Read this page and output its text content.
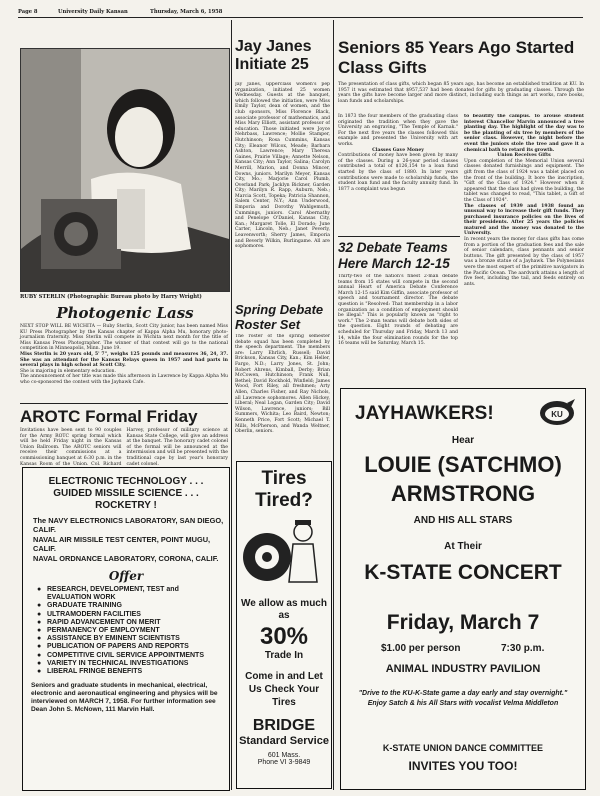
Page 8	University Daily Kansan	Thursday, March 6, 1958
RUBY STERLIN (Photographic Bureau photo by Harry Wright)
Photogenic Lass
NEXT STOP WILL BE WICHITA — Ruby Sterlin, Scott City junior, has been named Miss KU Press Photographer by the Kansas chapter of Kappa Alpha Mu, honorary photo-journalism fraternity. Miss Sterlin will compete in Wichita next month for the title of Miss Kansas Press Photographer. The winner of that contest will go to the national competition in Minneapolis, Minn. June 19.
Miss Sterlin is 20 years old, 5' 7", weighs 125 pounds and measures 36, 24, 37. She was an attendant for the Kansas Relays queen in 1957 and had parts in several plays in high school at Scott City.
She is majoring in elementary education.
The announcement of her title was made this afternoon in Lawrence by Kappa Alpha Mu who co-sponsored the contest with the Jayhawk Cafe.
AROTC Formal Friday
Invitations have been sent to 90 couples for the Army ROTC spring formal which will be held Friday night in the Kansas Union Ballroom. The AROTC seniors will receive their commissions at a commissioning banquet at 6:30 p.m. in the Kansas Room of the Union. Col. Richard Harvey, professor of military science at Kansas State College, will give an address at the banquet. The honorary cadet colonel of the formal will be announced at the intermission and will be presented with the traditional cape by last year's honorary cadet colonel.
ELECTRONIC TECHNOLOGY . . .
GUIDED MISSILE SCIENCE . . .
ROCKETRY !
The NAVY ELECTRONICS LABORATORY, SAN DIEGO, CALIF.
NAVAL AIR MISSILE TEST CENTER, POINT MUGU, CALIF.
NAVAL ORDNANCE LABORATORY, CORONA, CALIF.
Offer
● RESEARCH, DEVELOPMENT, TEST and EVALUATION WORK
● GRADUATE TRAINING
● ULTRAMODERN FACILITIES
● RAPID ADVANCEMENT ON MERIT
● PERMANENCY OF EMPLOYMENT
● ASSISTANCE BY EMINENT SCIENTISTS
● PUBLICATION OF PAPERS AND REPORTS
● COMPETITIVE CIVIL SERVICE APPOINTMENTS
● VARIETY IN TECHNICAL INVESTIGATIONS
● LIBERAL FRINGE BENEFITS
Seniors and graduate students in mechanical, electrical, electronic and aeronautical engineering and physics will be interviewed on MARCH 7, 1958. For further information see Dean John S. McNown, 111 Marvin Hall.
Jay Janes Initiate 25
Jay Janes, upperclass women's pep organization, initiated 25 women Wednesday. Guests at the banquet, which followed the initiation, were Miss Emily Taylor, dean of women, and the club sponsors, Miss Florence Black, associate professor of mathematics, and Miss Mary Elliott, assistant professor of education. Those initiated were Joyce Nehrbass, Lawrence; Mollie Stamper, Hutchinson; Rosa Cummins, Kansas City; Eleanor Wilcox, Meade; Barbara Ashton, Lawrence; Mary Theresa Gaines, Prairie Village; Annette Nelson, Kansas City; Ann Taylor, Salina; Carolyn Merrill, Marion, and Donna Mincer, Downs, juniors. Marilyn Meyer, Kansas City, Mo.; Marjorie Carol Plumb, Overland Park; Jacklyn Bickner, Garden City; Marilyn R. Rapp, Auburn, Neb.; Marcia Scott, Topeka; Patricia Shannon, Salem Center, N.Y.; Ann Underwood, Emporia and Dorothy Wahlgemuth, Cummings, juniors. Carol Abernathy and Penelope O'Daniel, Kansas City, Kan.; Margaret Tolle, El Dorado; June Carter, Lincoln, Neb.; Janet Peverly, Leavenworth; Sherry James, Emporia and Beverly Wilkin, Burlingame. All are sophomores.
Spring Debate Roster Set
The roster of the spring semester debate squad has been completed by the speech department. The members are: Larry Ehrlich, Russell; David Brickson, Kansas City, Kan.; Kim Heller, Fargo, N.D.; Larry Jones, St. John; Robert Ahrens, Kimball, Derby; Brian McCowen, Hutchinson; Frank Null, Bethel; David Rockhold, Winfield; James Wood, Fort Riley, all freshmen; Arty Allen, Charles Fisher, and Ray Nichols, all Lawrence sophomores. Allen Hickey, Liberal; Neal Logan, Garden City; David Wilson, Lawrence, juniors; Bill Summers, Wichita; Leo Baird, Newton; Kenneth Price, Fort Scott; Michael T. Mills, McPherson, and Wanda Weltner, Oberlin, seniors.
Tires Tired?
We allow as much as
30%
Trade In
Come in and Let Us Check Your Tires
BRIDGE
Standard Service
601 Mass.
Phone VI 3-9849
Seniors 85 Years Ago Started Class Gifts
The presentation of class gifts, which began 85 years ago, has become an established tradition at KU. In 1957 it was estimated that $957,537 had been donated for gifts by graduating classes. Through the years the gifts have become larger and more distinct, including such things as art works, rare books, loan funds and scholarships.
In 1873 the four members of the graduating class originated the tradition when they gave the University an engraving, "The Temple of Karnak." For the next five years the classes followed this example and presented the University with art works.
Classes Gave Money
Contributions of money have been given by many of the classes. During a 26-year period classes contributed a total of $126,154 to a loan fund started by the class of 1880. In later years contributions were made to scholarship funds, the student loan fund and the faculty annuity fund. In 1877 a complaint was begun
to beautify the campus. To arouse student interest Chancellor Marvin announced a tree planting day. The highlight of the day was to be the planting of six tree by members of the senior class. However, the night before the event the juniors stole the tree and gave it a chemical bath to retard its growth.
Union Receives Gifts
Upon completion of the Memorial Union several classes donated furnishings and equipment. The gift from the class of 1924 was a tablet placed on the front of the building. It bore the inscription, "Gift of the Class of 1924." However when it appeared that the class had given the building, the tablet was changed to read, "This tablet, a Gift of the Class of 1924".
The classes of 1939 and 1938 found an unusual way to increase their gift funds. They purchased insurance policies on the lives of their presidents. After 25 years the policies matured and the money was donated to the University.
In recent years the money for class gifts has come from a portion of the graduation fees and the sale of senior calendars, class pennants and senior buttons. The gift presented by the class of 1957 was a bronze statue of a Jayhawk. The Polynesians were the most expert of the primitive navigators in the Pacific Ocean. The aardvark attains a length of five feet, including the tail, and feeds entirely on ants.
32 Debate Teams Here March 12-15
Thirty-two of the nation's finest 2-man debate teams from 15 states will compete in the second annual Heart of America Debate Conference March 12-15 said Kim Giffin, associate professor of speech and tournament director. The debate question is "Resolved: That membership in a labor organization as a condition of employment should be illegal." This is popularly known as "right to work." The 2-man teams will debate both sides of the question. Eight rounds of debating are scheduled for Thursday and Friday, March 13 and 14, while the four elimination rounds for the top 16 teams will be Saturday, March 15.
JAYHAWKERS!	KU
Hear
LOUIE (SATCHMO)
ARMSTRONG
AND HIS ALL STARS
At Their
K-STATE CONCERT
Friday, March 7
$1.00 per person	7:30 p.m.
ANIMAL INDUSTRY PAVILION
"Drive to the KU-K-State game a day early and stay overnight." Enjoy Satch & his All Stars with vocalist Velma Middleton
K-STATE UNION DANCE COMMITTEE
INVITES YOU TOO!
